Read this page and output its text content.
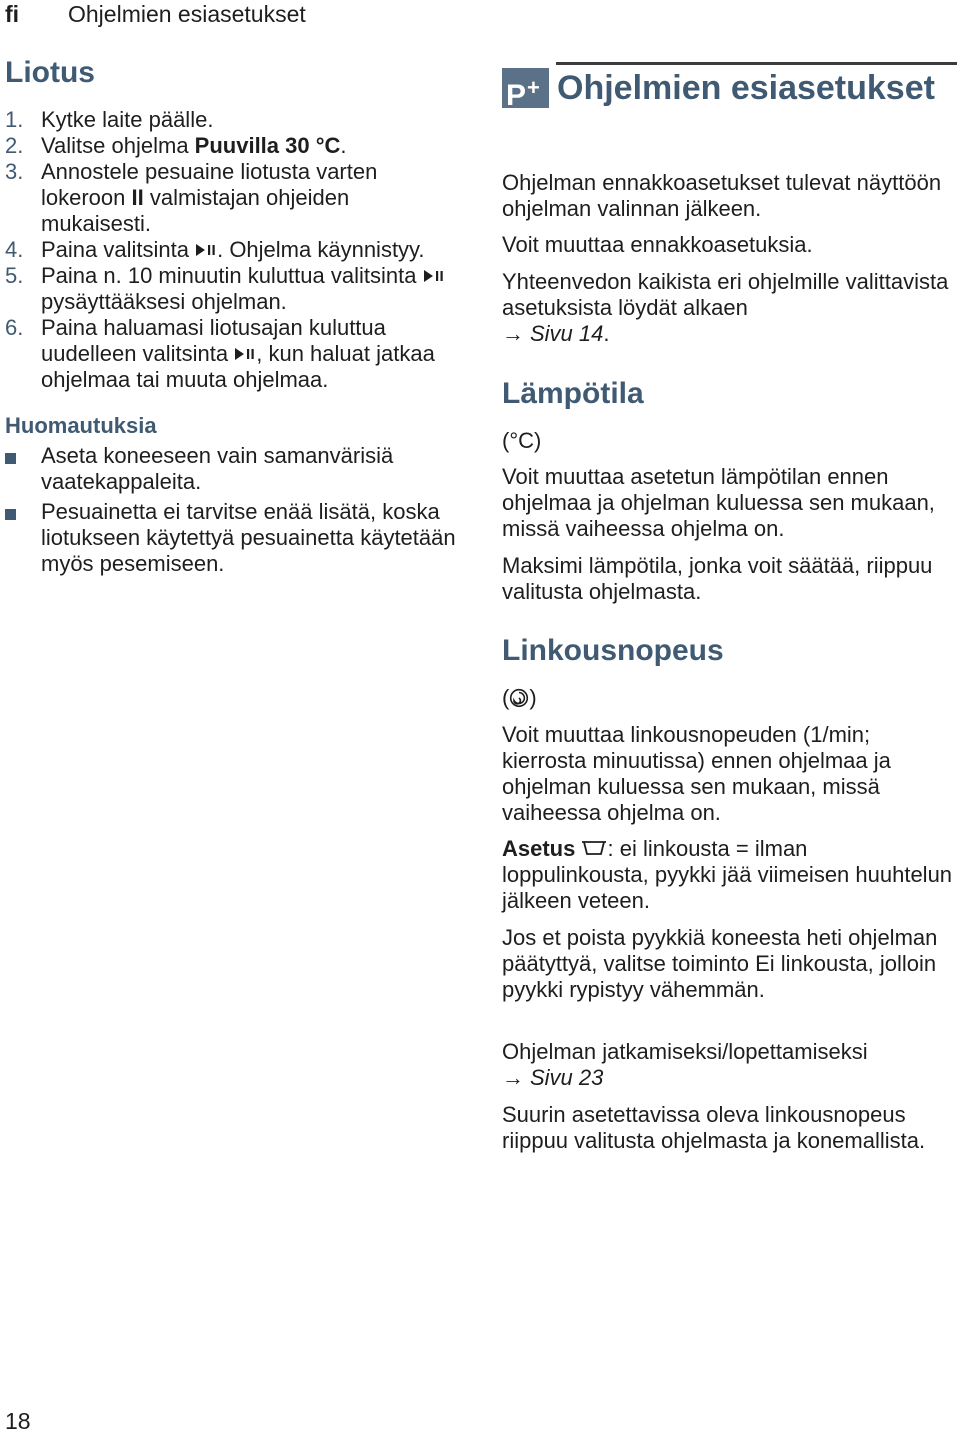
fi Ohjelmien esiasetukset
Liotus
1. Kytke laite päälle.
2. Valitse ohjelma Puuvilla 30 °C.
3. Annostele pesuaine liotusta varten lokeroon II valmistajan ohjeiden mukaisesti.
4. Paina valitsinta
. Ohjelma käynnistyy.
5. Paina n. 10 minuutin kuluttua valitsinta
pysäyttääksesi ohjelman.
6. Paina haluamasi liotusajan kuluttua uudelleen valitsinta
, kun haluat jatkaa ohjelmaa tai muuta ohjelmaa.
Huomautuksia
Aseta koneeseen vain samanvärisiä vaatekappaleita.
Pesuainetta ei tarvitse enää lisätä, koska liotukseen käytettyä pesuainetta käytetään myös pesemiseen.
P+ Ohjelmien esiasetukset
Ohjelman ennakkoasetukset tulevat näyttöön ohjelman valinnan jälkeen.
Voit muuttaa ennakkoasetuksia.
Yhteenvedon kaikista eri ohjelmille valittavista asetuksista löydät alkaen
→ Sivu 14.
Lämpötila
(°C)
Voit muuttaa asetetun lämpötilan ennen ohjelmaa ja ohjelman kuluessa sen mukaan, missä vaiheessa ohjelma on.
Maksimi lämpötila, jonka voit säätää, riippuu valitusta ohjelmasta.
Linkousnopeus
( )
Voit muuttaa linkousnopeuden (1/min; kierrosta minuutissa) ennen ohjelmaa ja ohjelman kuluessa sen mukaan, missä vaiheessa ohjelma on.
Asetus : ei linkousta = ilman loppulinkousta, pyykki jää viimeisen huuhtelun jälkeen veteen.
Jos et poista pyykkiä koneesta heti ohjelman päätyttyä, valitse toiminto Ei linkousta, jolloin pyykki rypistyy vähemmän.
Ohjelman jatkamiseksi/lopettamiseksi
→ Sivu 23
Suurin asetettavissa oleva linkousnopeus riippuu valitusta ohjelmasta ja konemallista.
18
